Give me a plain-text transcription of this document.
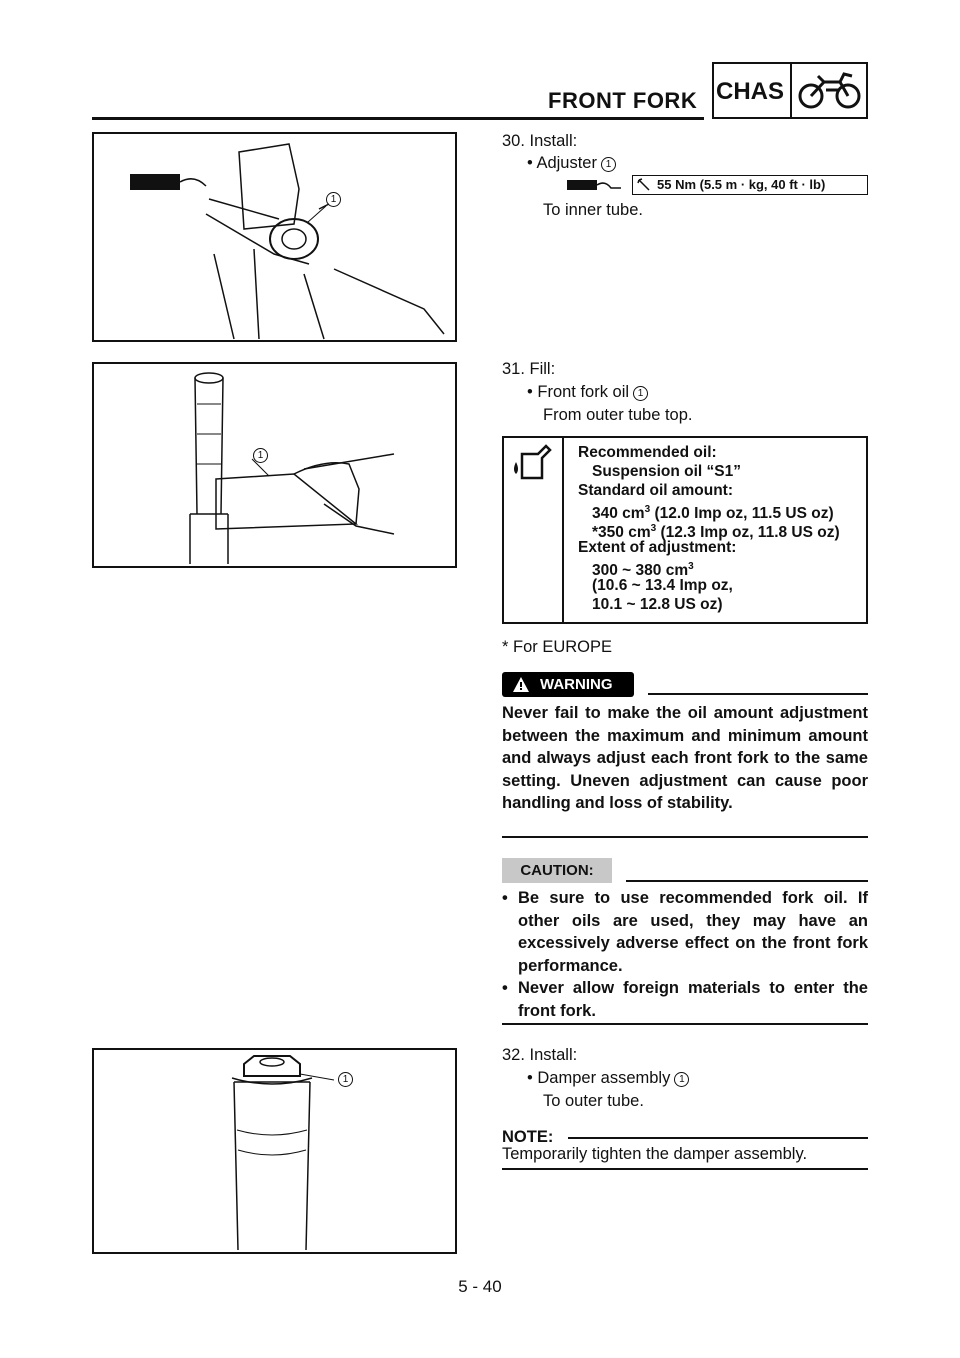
FRONT FORK CHAS
1
30. Install:
• Adjuster 1
55 Nm (5.5 m · kg, 40 ft · lb)
To inner tube.
1
31. Fill:
• Front fork oil 1
From outer tube top.
Recommended oil:
Suspension oil “S1”
Standard oil amount:
340 $cm^3$ (12.0 Imp oz, 11.5 US oz)
*350 $cm^3$ (12.3 Imp oz, 11.8 US oz)
Extent of adjustment:
300 ~ 380 $cm^3$
(10.6 ~ 13.4 Imp oz,
10.1 ~ 12.8 US oz)
* For EUROPE
WARNING
Never fail to make the oil amount adjustment between the maximum and minimum amount and always adjust each front fork to the same setting. Uneven adjustment can cause poor handling and loss of stability.
CAUTION:
• Be sure to use recommended fork oil. If other oils are used, they may have an excessively adverse effect on the front fork performance.
• Never allow foreign materials to enter the front fork.
1
32. Install:
• Damper assembly 1
To outer tube.
NOTE:
Temporarily tighten the damper assembly.
5 - 40
